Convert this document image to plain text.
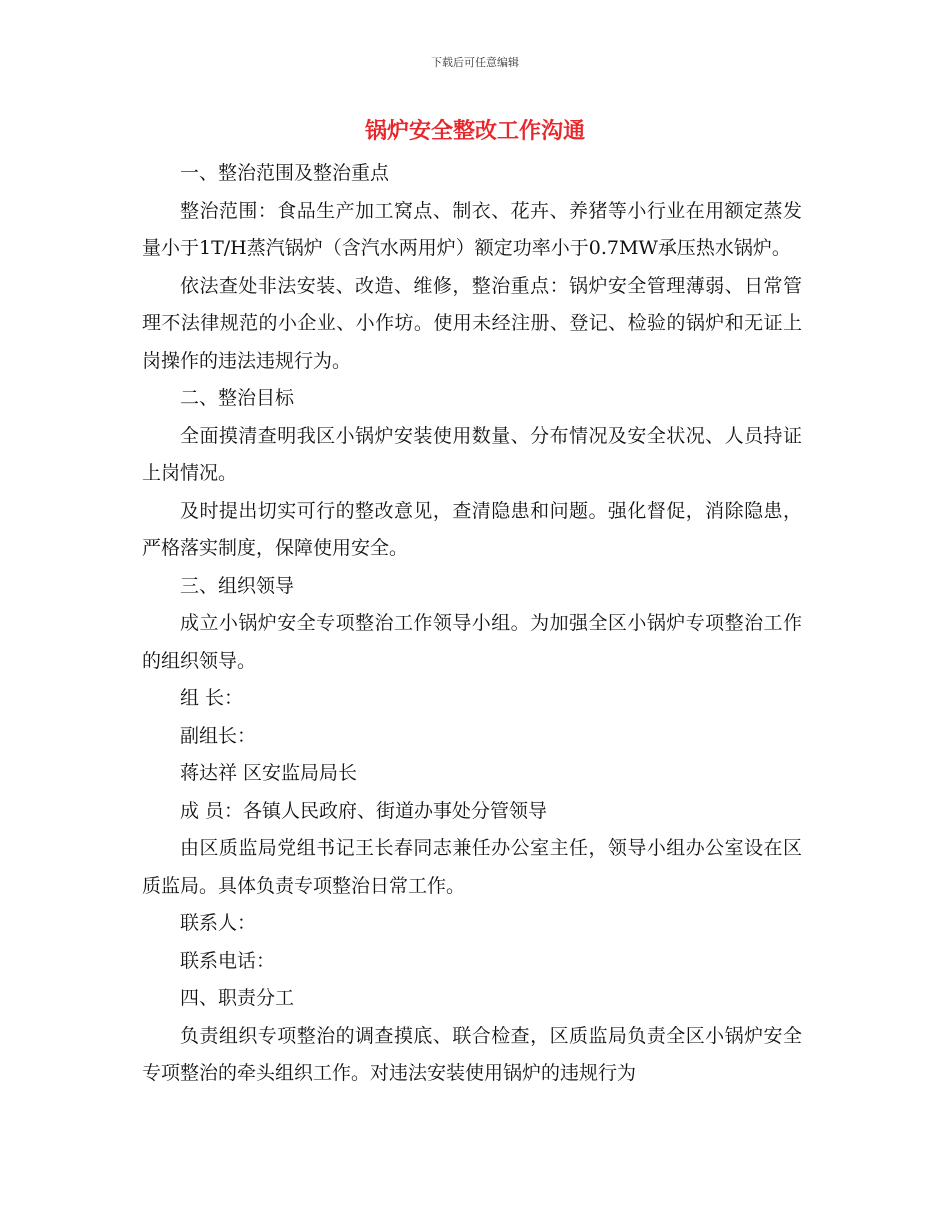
下载后可任意编辑
锅炉安全整改工作沟通

一、整治范围及整治重点

整治范围：食品生产加工窝点、制衣、花卉、养猪等小行业在用额定蒸发量小于1T/H蒸汽锅炉（含汽水两用炉）额定功率小于0.7MW承压热水锅炉。

依法查处非法安装、改造、维修，整治重点：锅炉安全管理薄弱、日常管理不法律规范的小企业、小作坊。使用未经注册、登记、检验的锅炉和无证上岗操作的违法违规行为。

二、整治目标

全面摸清查明我区小锅炉安装使用数量、分布情况及安全状况、人员持证上岗情况。

及时提出切实可行的整改意见，查清隐患和问题。强化督促，消除隐患，严格落实制度，保障使用安全。

三、组织领导

成立小锅炉安全专项整治工作领导小组。为加强全区小锅炉专项整治工作的组织领导。

组 长：

副组长：

蒋达祥 区安监局局长

成 员：各镇人民政府、街道办事处分管领导

由区质监局党组书记王长春同志兼任办公室主任，领导小组办公室设在区质监局。具体负责专项整治日常工作。

联系人：

联系电话：

四、职责分工

负责组织专项整治的调查摸底、联合检查，区质监局负责全区小锅炉安全专项整治的牵头组织工作。对违法安装使用锅炉的违规行为
